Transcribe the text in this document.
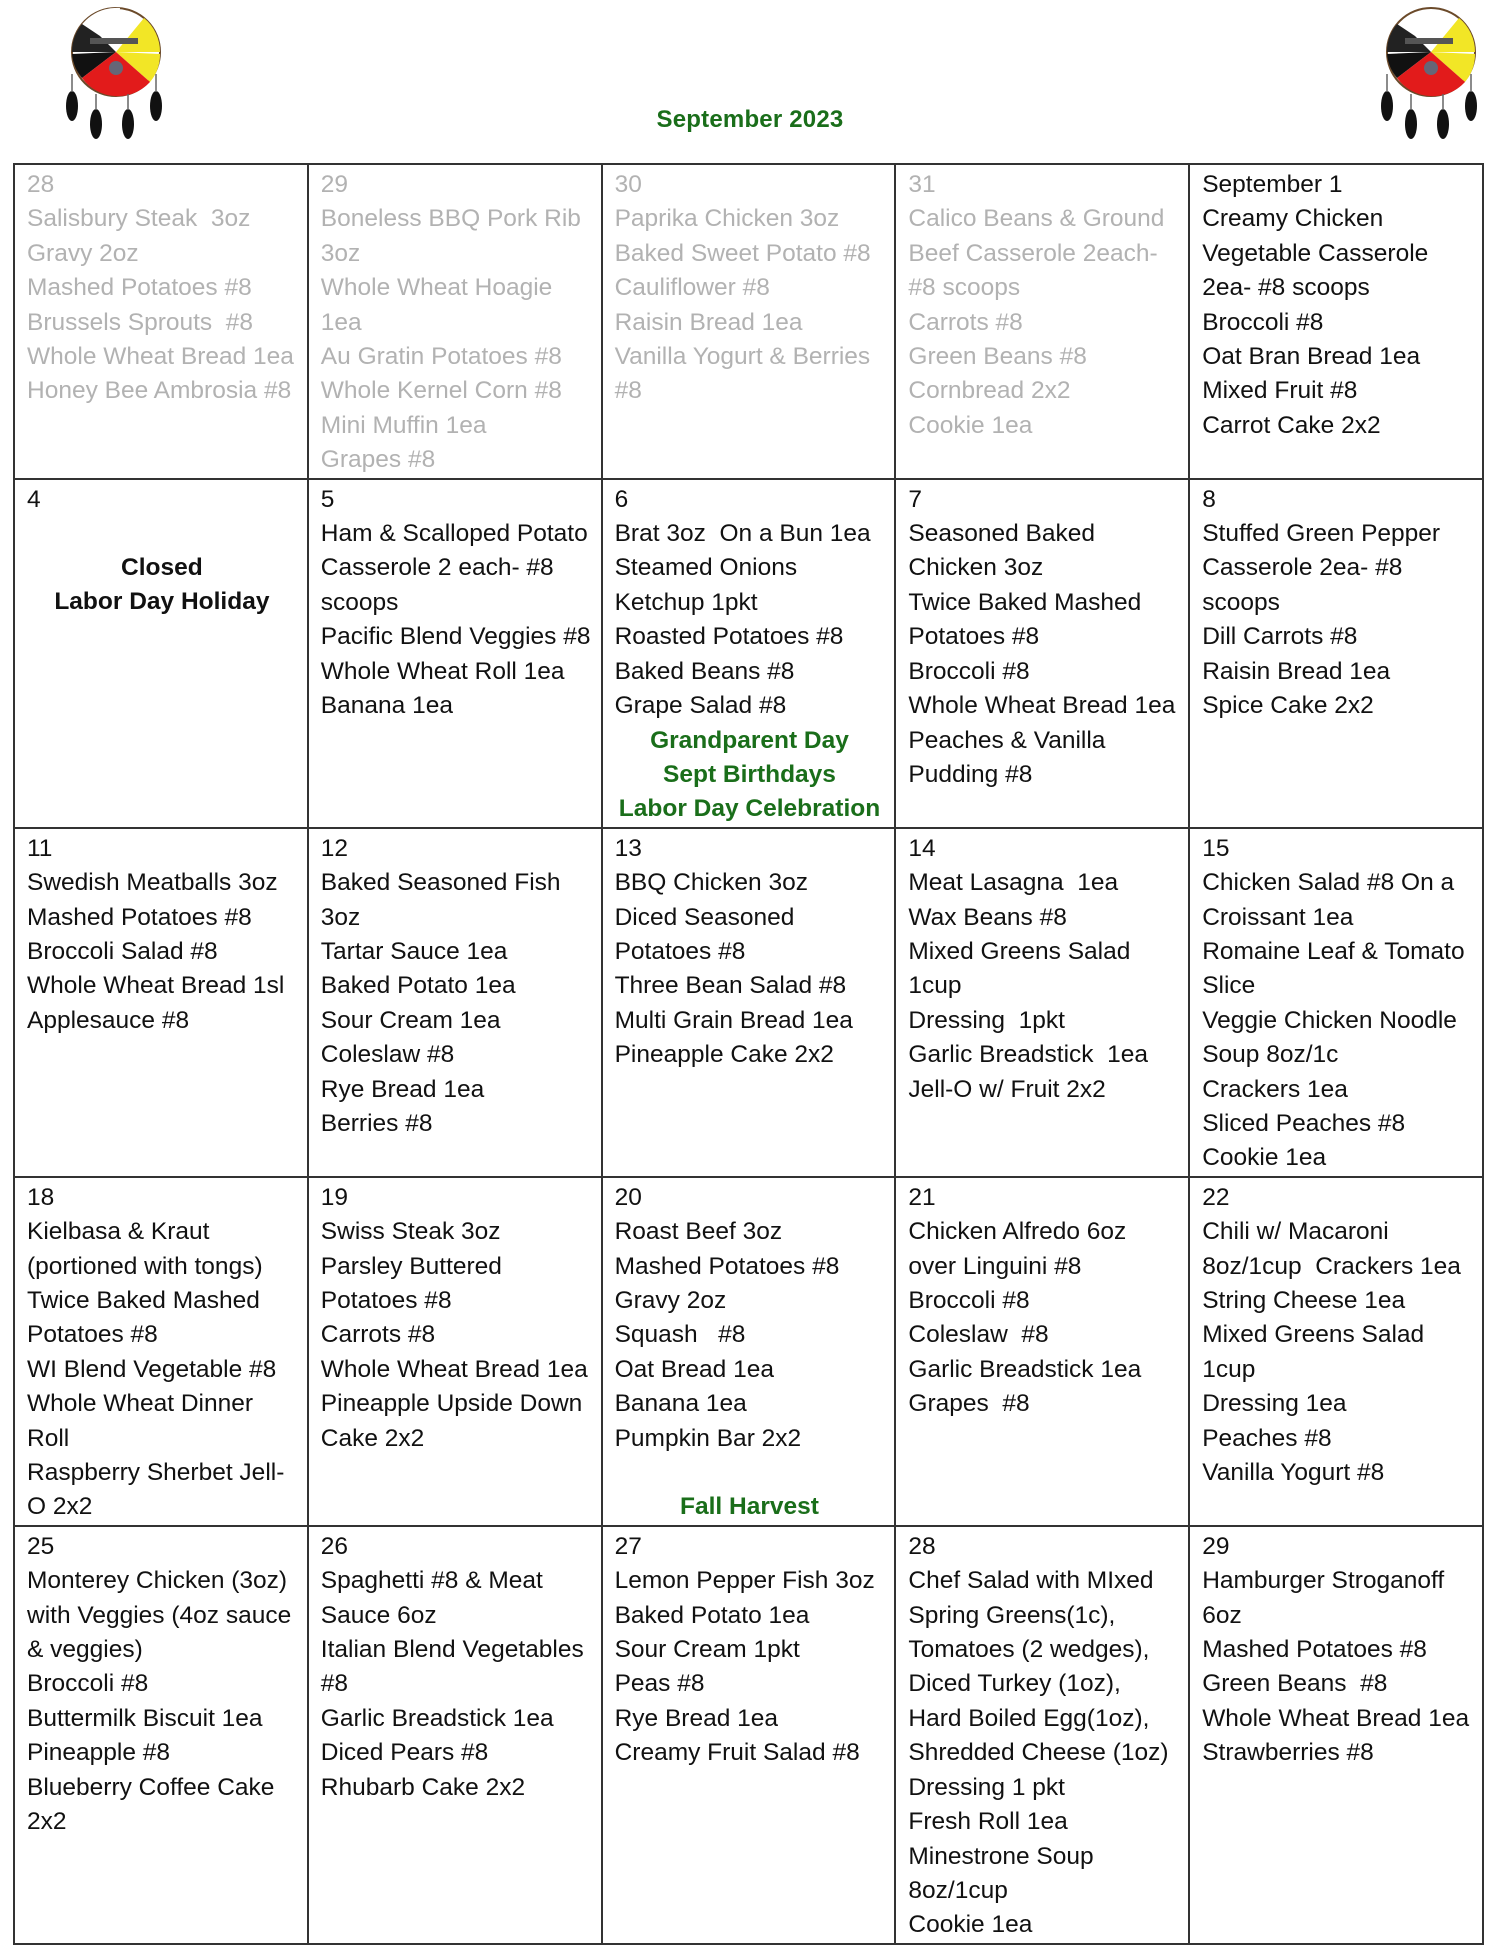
September 2023
28
Salisbury Steak  3oz
Gravy 2oz
Mashed Potatoes #8
Brussels Sprouts  #8
Whole Wheat Bread 1ea
Honey Bee Ambrosia #8

29
Boneless BBQ Pork Rib 3oz
Whole Wheat Hoagie 1ea
Au Gratin Potatoes #8
Whole Kernel Corn #8
Mini Muffin 1ea
Grapes #8

30
Paprika Chicken 3oz
Baked Sweet Potato #8
Cauliflower #8
Raisin Bread 1ea
Vanilla Yogurt & Berries #8

31
Calico Beans & Ground Beef Casserole 2each- #8 scoops
Carrots #8
Green Beans #8
Cornbread 2x2
Cookie 1ea

September 1
Creamy Chicken Vegetable Casserole 2ea- #8 scoops
Broccoli #8
Oat Bran Bread 1ea
Mixed Fruit #8
Carrot Cake 2x2

4
Closed
Labor Day Holiday

5
Ham & Scalloped Potato Casserole 2 each- #8 scoops
Pacific Blend Veggies #8
Whole Wheat Roll 1ea
Banana 1ea

6
Brat 3oz  On a Bun 1ea
Steamed Onions
Ketchup 1pkt
Roasted Potatoes #8
Baked Beans #8
Grape Salad #8
Grandparent Day
Sept Birthdays
Labor Day Celebration

7
Seasoned Baked Chicken 3oz
Twice Baked Mashed Potatoes #8
Broccoli #8
Whole Wheat Bread 1ea
Peaches & Vanilla Pudding #8

8
Stuffed Green Pepper Casserole 2ea- #8 scoops
Dill Carrots #8
Raisin Bread 1ea
Spice Cake 2x2

11
Swedish Meatballs 3oz
Mashed Potatoes #8
Broccoli Salad #8
Whole Wheat Bread 1sl
Applesauce #8

12
Baked Seasoned Fish 3oz
Tartar Sauce 1ea
Baked Potato 1ea
Sour Cream 1ea
Coleslaw #8
Rye Bread 1ea
Berries #8

13
BBQ Chicken 3oz
Diced Seasoned Potatoes #8
Three Bean Salad #8
Multi Grain Bread 1ea
Pineapple Cake 2x2

14
Meat Lasagna  1ea
Wax Beans #8
Mixed Greens Salad 1cup
Dressing  1pkt
Garlic Breadstick  1ea
Jell-O w/ Fruit 2x2

15
Chicken Salad #8 On a Croissant 1ea
Romaine Leaf & Tomato Slice
Veggie Chicken Noodle Soup 8oz/1c
Crackers 1ea
Sliced Peaches #8
Cookie 1ea

18
Kielbasa & Kraut (portioned with tongs)
Twice Baked Mashed Potatoes #8
WI Blend Vegetable #8
Whole Wheat Dinner Roll
Raspberry Sherbet Jell-O 2x2

19
Swiss Steak 3oz
Parsley Buttered Potatoes #8
Carrots #8
Whole Wheat Bread 1ea
Pineapple Upside Down Cake 2x2

20
Roast Beef 3oz
Mashed Potatoes #8
Gravy 2oz
Squash   #8
Oat Bread 1ea
Banana 1ea
Pumpkin Bar 2x2
Fall Harvest

21
Chicken Alfredo 6oz over Linguini #8
Broccoli #8
Coleslaw  #8
Garlic Breadstick 1ea
Grapes  #8

22
Chili w/ Macaroni 8oz/1cup  Crackers 1ea
String Cheese 1ea
Mixed Greens Salad 1cup
Dressing 1ea
Peaches #8
Vanilla Yogurt #8

25
Monterey Chicken (3oz) with Veggies (4oz sauce & veggies)
Broccoli #8
Buttermilk Biscuit 1ea
Pineapple #8
Blueberry Coffee Cake 2x2

26
Spaghetti #8 & Meat Sauce 6oz
Italian Blend Vegetables #8
Garlic Breadstick 1ea
Diced Pears #8
Rhubarb Cake 2x2

27
Lemon Pepper Fish 3oz
Baked Potato 1ea
Sour Cream 1pkt
Peas #8
Rye Bread 1ea
Creamy Fruit Salad #8

28
Chef Salad with MIxed Spring Greens(1c), Tomatoes (2 wedges), Diced Turkey (1oz), Hard Boiled Egg(1oz), Shredded Cheese (1oz)
Dressing 1 pkt
Fresh Roll 1ea
Minestrone Soup 8oz/1cup
Cookie 1ea

29
Hamburger Stroganoff 6oz
Mashed Potatoes #8
Green Beans  #8
Whole Wheat Bread 1ea
Strawberries #8
